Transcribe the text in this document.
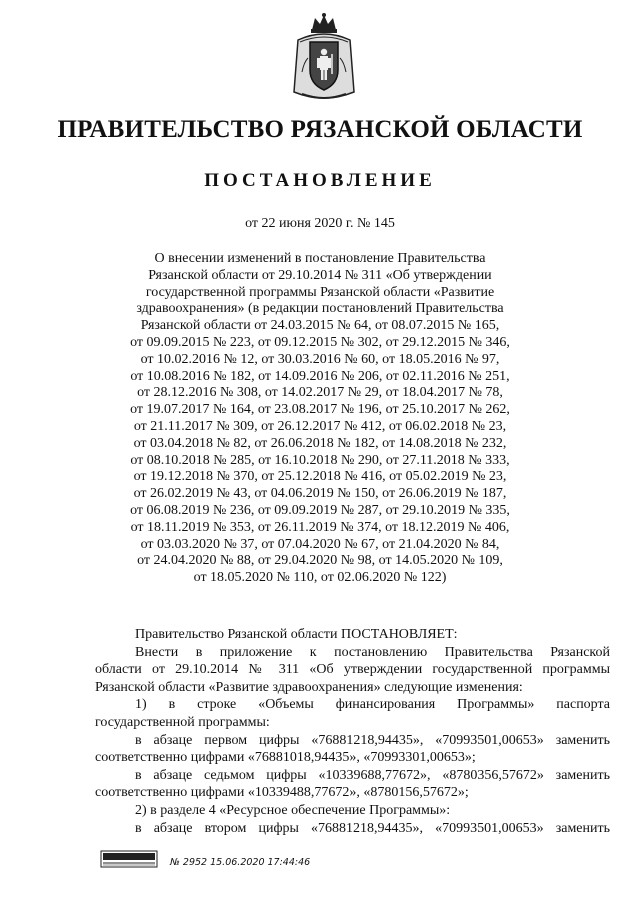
ПРАВИТЕЛЬСТВО РЯЗАНСКОЙ ОБЛАСТИ
ПОСТАНОВЛЕНИЕ
от 22 июня 2020 г. № 145
О внесении изменений в постановление Правительства
Рязанской области от 29.10.2014 № 311 «Об утверждении
государственной программы Рязанской области «Развитие
здравоохранения» (в редакции постановлений Правительства
Рязанской области от 24.03.2015 № 64, от 08.07.2015 № 165,
от 09.09.2015 № 223, от 09.12.2015 № 302, от 29.12.2015 № 346,
от 10.02.2016 № 12, от 30.03.2016 № 60, от 18.05.2016 № 97,
от 10.08.2016 № 182, от 14.09.2016 № 206, от 02.11.2016 № 251,
от 28.12.2016 № 308, от 14.02.2017 № 29, от 18.04.2017 № 78,
от 19.07.2017 № 164, от 23.08.2017 № 196, от 25.10.2017 № 262,
от 21.11.2017 № 309, от 26.12.2017 № 412, от 06.02.2018 № 23,
от 03.04.2018 № 82, от 26.06.2018 № 182, от 14.08.2018 № 232,
от 08.10.2018 № 285, от 16.10.2018 № 290, от 27.11.2018 № 333,
от 19.12.2018 № 370, от 25.12.2018 № 416, от 05.02.2019 № 23,
от 26.02.2019 № 43, от 04.06.2019 № 150, от 26.06.2019 № 187,
от 06.08.2019 № 236, от 09.09.2019 № 287, от 29.10.2019 № 335,
от 18.11.2019 № 353, от 26.11.2019 № 374, от 18.12.2019 № 406,
от 03.03.2020 № 37, от 07.04.2020 № 67, от 21.04.2020 № 84,
от 24.04.2020 № 88, от 29.04.2020 № 98, от 14.05.2020 № 109,
от 18.05.2020 № 110, от 02.06.2020 № 122)
Правительство Рязанской области ПОСТАНОВЛЯЕТ:
Внести в приложение к постановлению Правительства Рязанской
области от 29.10.2014 № 311 «Об утверждении государственной программы
Рязанской области «Развитие здравоохранения» следующие изменения:
1) в строке «Объемы финансирования Программы» паспорта
государственной программы:
в абзаце первом цифры «76881218,94435», «70993501,00653» заменить
соответственно цифрами «76881018,94435», «70993301,00653»;
в абзаце седьмом цифры «10339688,77672», «8780356,57672» заменить
соответственно цифрами «10339488,77672», «8780156,57672»;
2) в разделе 4 «Ресурсное обеспечение Программы»:
в абзаце втором цифры «76881218,94435», «70993501,00653» заменить
№ 2952 15.06.2020 17:44:46
